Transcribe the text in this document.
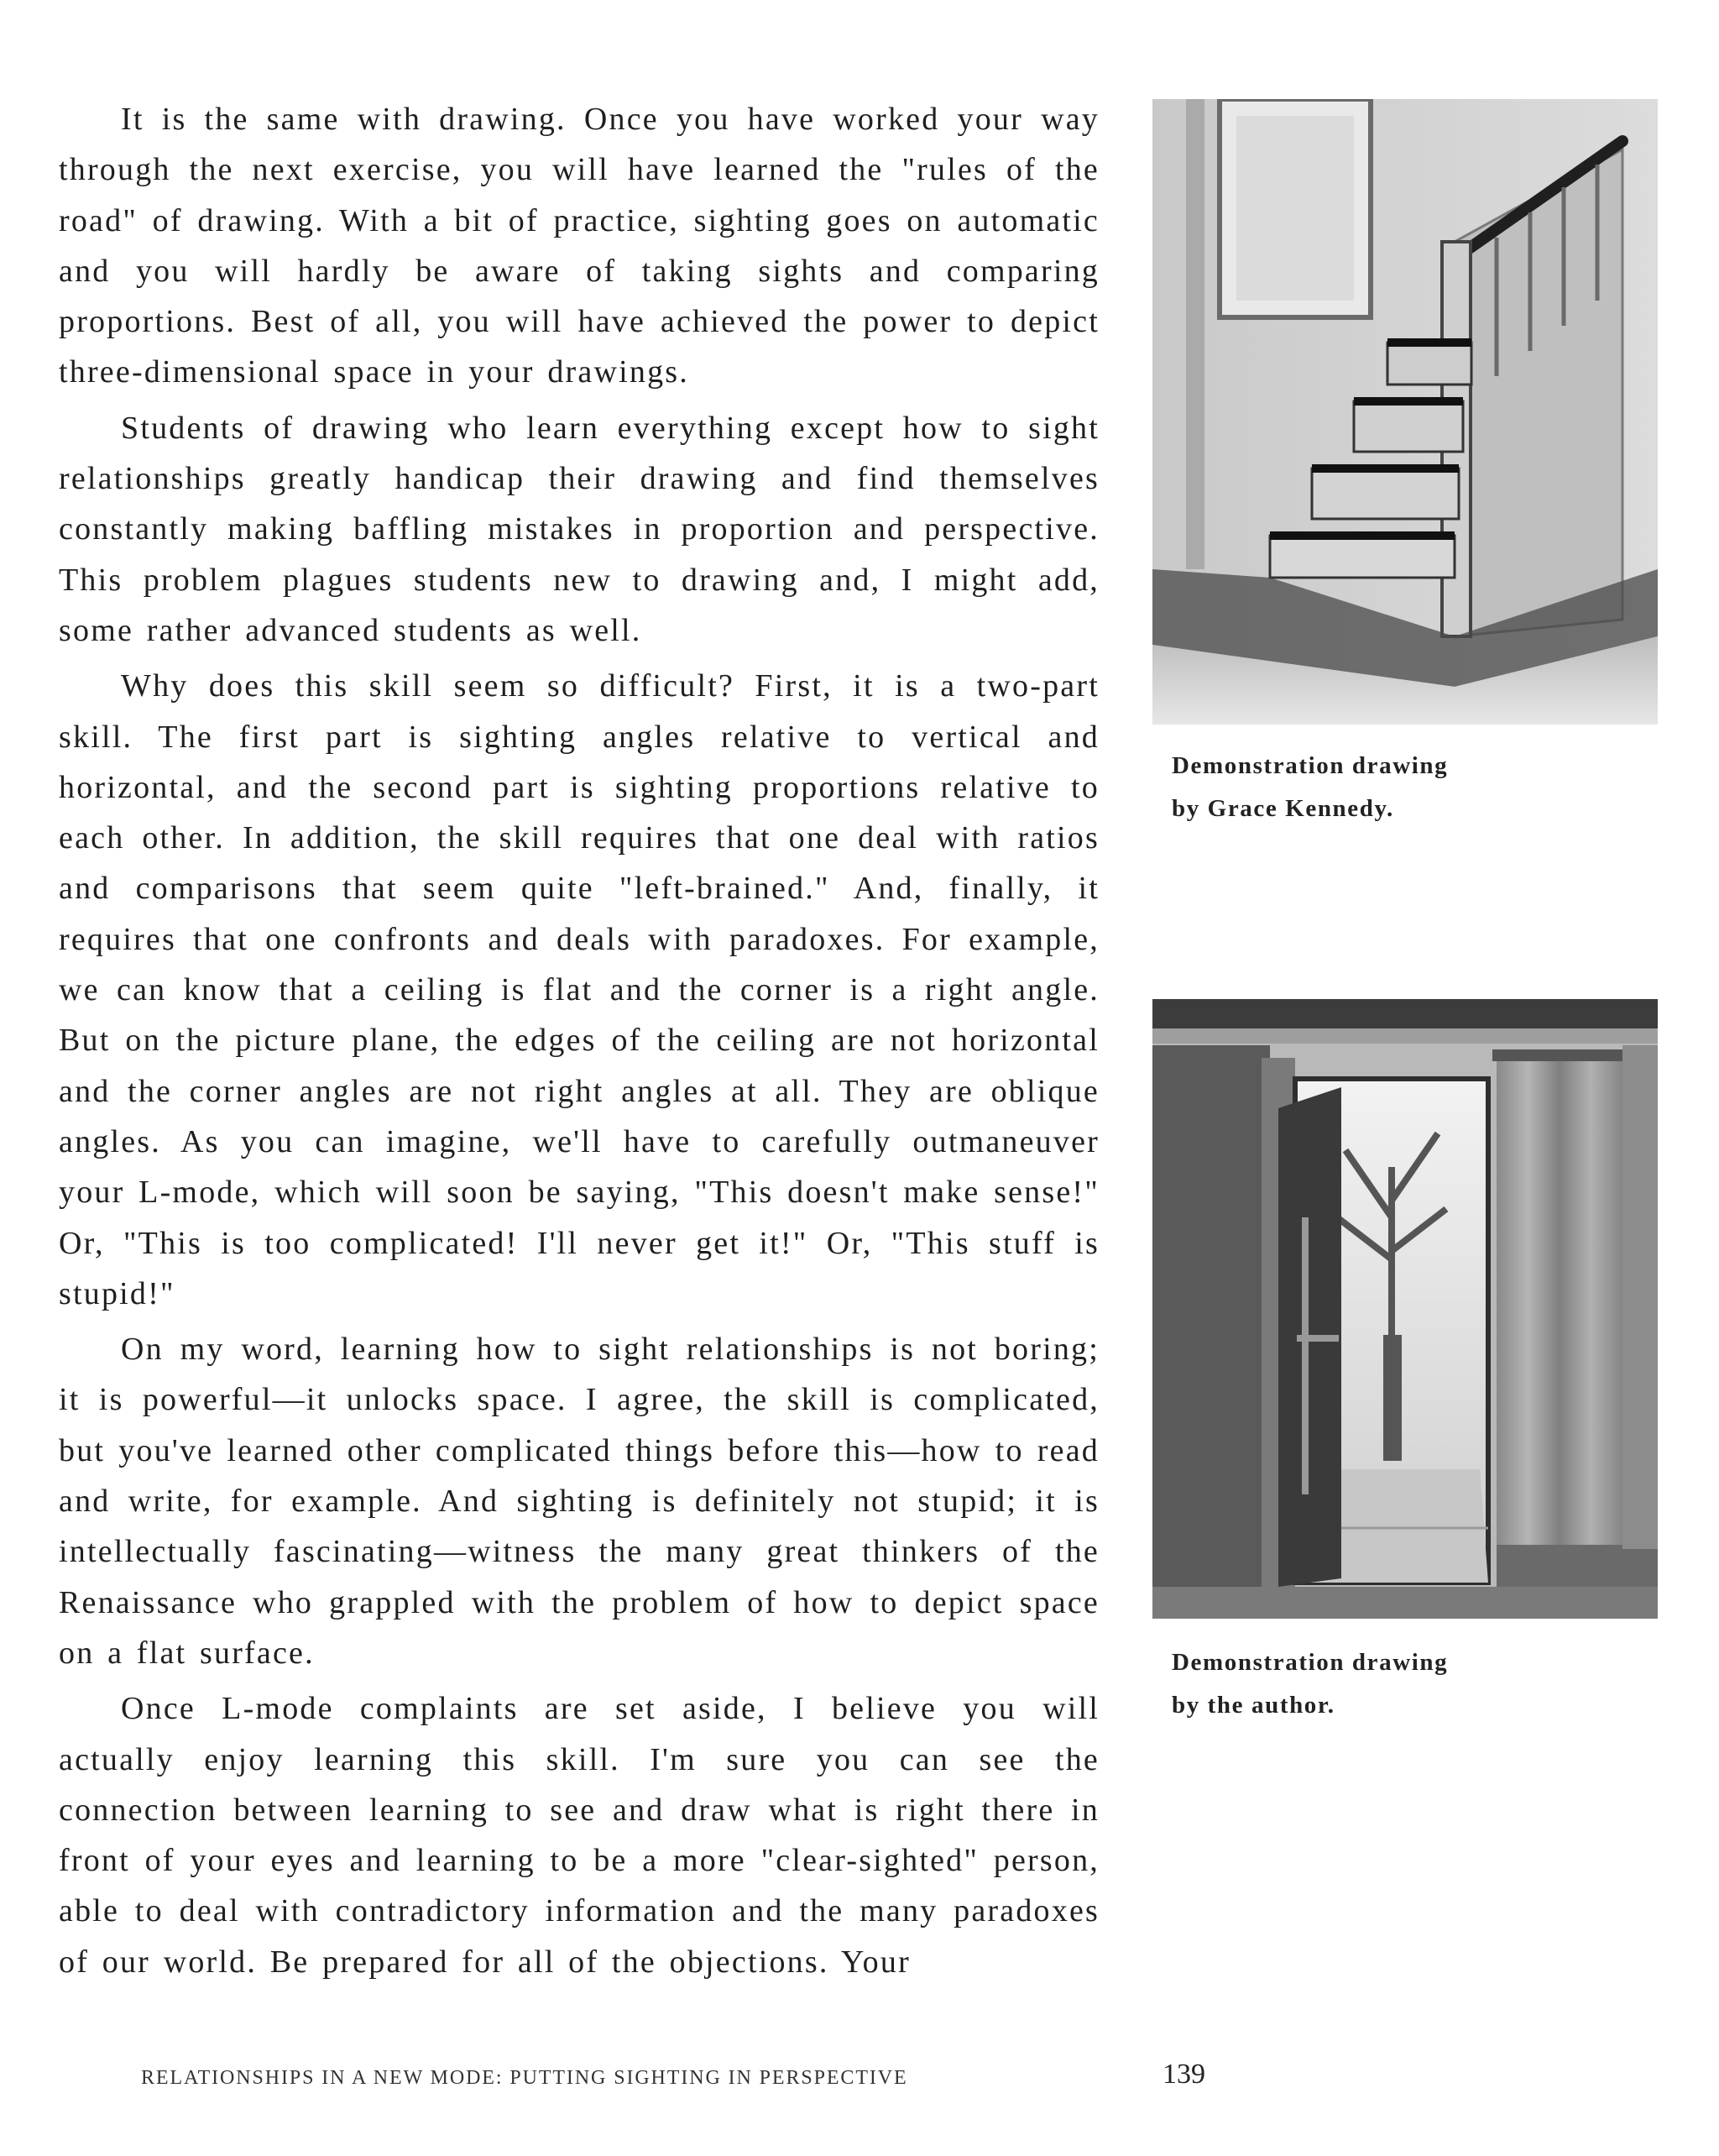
It is the same with drawing. Once you have worked your way through the next exercise, you will have learned the "rules of the road" of drawing. With a bit of practice, sighting goes on automatic and you will hardly be aware of taking sights and comparing proportions. Best of all, you will have achieved the power to depict three-dimensional space in your drawings.

Students of drawing who learn everything except how to sight relationships greatly handicap their drawing and find themselves constantly making baffling mistakes in proportion and perspective. This problem plagues students new to drawing and, I might add, some rather advanced students as well.

Why does this skill seem so difficult? First, it is a two-part skill. The first part is sighting angles relative to vertical and horizontal, and the second part is sighting proportions relative to each other. In addition, the skill requires that one deal with ratios and comparisons that seem quite "left-brained." And, finally, it requires that one confronts and deals with paradoxes. For example, we can know that a ceiling is flat and the corner is a right angle. But on the picture plane, the edges of the ceiling are not horizontal and the corner angles are not right angles at all. They are oblique angles. As you can imagine, we'll have to carefully outmaneuver your L-mode, which will soon be saying, "This doesn't make sense!" Or, "This is too complicated! I'll never get it!" Or, "This stuff is stupid!"

On my word, learning how to sight relationships is not boring; it is powerful—it unlocks space. I agree, the skill is complicated, but you've learned other complicated things before this—how to read and write, for example. And sighting is definitely not stupid; it is intellectually fascinating—witness the many great thinkers of the Renaissance who grappled with the problem of how to depict space on a flat surface.

Once L-mode complaints are set aside, I believe you will actually enjoy learning this skill. I'm sure you can see the connection between learning to see and draw what is right there in front of your eyes and learning to be a more "clear-sighted" person, able to deal with contradictory information and the many paradoxes of our world. Be prepared for all of the objections. Your

Demonstration drawing
by Grace Kennedy.
Demonstration drawing
by the author.
RELATIONSHIPS IN A NEW MODE: PUTTING SIGHTING IN PERSPECTIVE	139
